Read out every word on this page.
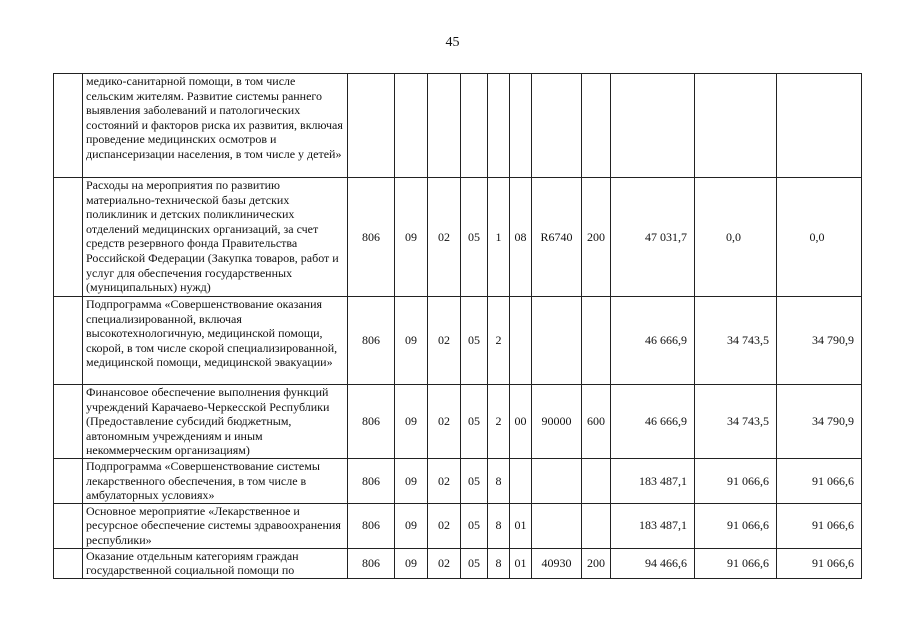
45
	медико-санитарной помощи, в том числе сельским жителям. Развитие системы раннего выявления заболеваний и патологических состояний и факторов риска их развития, включая проведение медицинских осмотров и диспансеризации населения, в том числе у детей»											
	Расходы на мероприятия по развитию материально-технической базы детских поликлиник и детских поликлинических отделений медицинских организаций, за счет средств резервного фонда Правительства Российской Федерации (Закупка товаров, работ и услуг для обеспечения государственных (муниципальных) нужд)	806	09	02	05	1	08	R6740	200	47 031,7	0,0	0,0
	Подпрограмма «Совершенствование оказания специализированной, включая высокотехнологичную, медицинской помощи, скорой, в том числе скорой специализированной, медицинской помощи, медицинской эвакуации»	806	09	02	05	2				46 666,9	34 743,5	34 790,9
	Финансовое обеспечение выполнения функций учреждений Карачаево-Черкесской Республики (Предоставление субсидий бюджетным, автономным учреждениям и иным некоммерческим организациям)	806	09	02	05	2	00	90000	600	46 666,9	34 743,5	34 790,9
	Подпрограмма «Совершенствование системы лекарственного обеспечения, в том числе в амбулаторных условиях»	806	09	02	05	8				183 487,1	91 066,6	91 066,6
	Основное мероприятие «Лекарственное и ресурсное обеспечение системы здравоохранения республики»	806	09	02	05	8	01			183 487,1	91 066,6	91 066,6
	Оказание отдельным категориям граждан государственной социальной помощи по	806	09	02	05	8	01	40930	200	94 466,6	91 066,6	91 066,6
